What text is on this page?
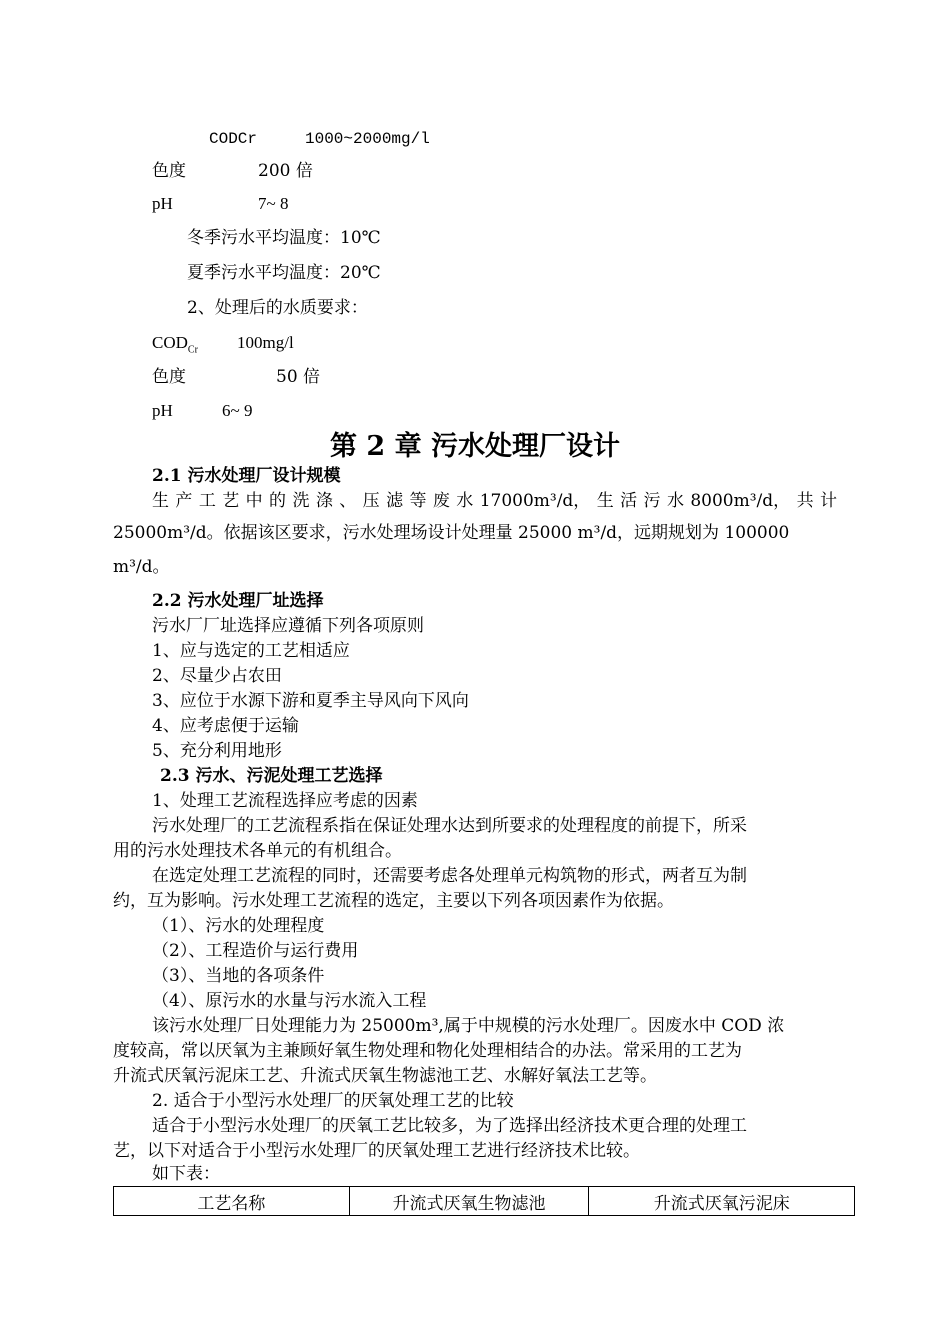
CODCr	1000~2000mg/l
色度	200 倍
pH	7~ 8
冬季污水平均温度：10℃
夏季污水平均温度：20℃
2、处理后的水质要求：
$COD_{Cr}$ 100mg/l
色度	50 倍
pH	6~ 9
第 2 章 污水处理厂设计
2.1 污水处理厂设计规模
生 产 工 艺 中 的 洗 涤 、 压 滤 等 废 水 17000m³/d， 生 活 污 水 8000m³/d， 共 计
25000m³/d。依据该区要求，污水处理场设计处理量 25000 m³/d，远期规划为 100000
m³/d。
2.2 污水处理厂址选择
污水厂厂址选择应遵循下列各项原则
1、应与选定的工艺相适应
2、尽量少占农田
3、应位于水源下游和夏季主导风向下风向
4、应考虑便于运输
5、充分利用地形
2.3 污水、污泥处理工艺选择
1、处理工艺流程选择应考虑的因素
污水处理厂的工艺流程系指在保证处理水达到所要求的处理程度的前提下，所采
用的污水处理技术各单元的有机组合。
在选定处理工艺流程的同时，还需要考虑各处理单元构筑物的形式，两者互为制
约，互为影响。污水处理工艺流程的选定，主要以下列各项因素作为依据。
（1）、污水的处理程度
（2）、工程造价与运行费用
（3）、当地的各项条件
（4）、原污水的水量与污水流入工程
该污水处理厂日处理能力为 25000m³,属于中规模的污水处理厂。因废水中 COD 浓
度较高，常以厌氧为主兼顾好氧生物处理和物化处理相结合的办法。常采用的工艺为
升流式厌氧污泥床工艺、升流式厌氧生物滤池工艺、水解好氧法工艺等。
2. 适合于小型污水处理厂的厌氧处理工艺的比较
适合于小型污水处理厂的厌氧工艺比较多，为了选择出经济技术更合理的处理工
艺，以下对适合于小型污水处理厂的厌氧处理工艺进行经济技术比较。
如下表：
工艺名称	升流式厌氧生物滤池	升流式厌氧污泥床
